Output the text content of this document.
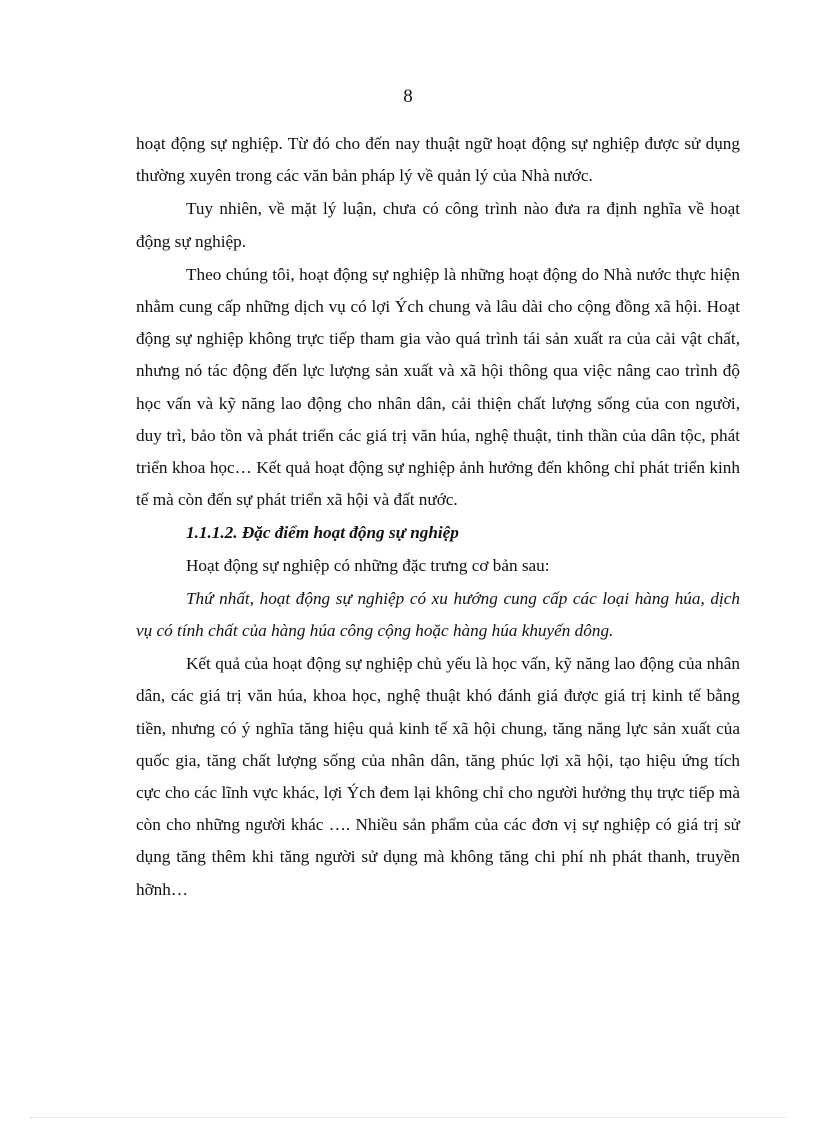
8

hoạt động sự nghiệp. Từ đó cho đến nay thuật ngữ hoạt động sự nghiệp được sử dụng thường xuyên trong các văn bản pháp lý về quản lý của Nhà nước.

Tuy nhiên, về mặt lý luận, chưa có công trình nào đưa ra định nghĩa về hoạt động sự nghiệp.

Theo chúng tôi, hoạt động sự nghiệp là những hoạt động do Nhà nước thực hiện nhằm cung cấp những dịch vụ có lợi Ých chung và lâu dài cho cộng đồng xã hội. Hoạt động sự nghiệp không trực tiếp tham gia vào quá trình tái sản xuất ra của cải vật chất, nhưng nó tác động đến lực lượng sản xuất và xã hội thông qua việc nâng cao trình độ học vấn và kỹ năng lao động cho nhân dân, cải thiện chất lượng sống của con người, duy trì, bảo tồn và phát triển các giá trị văn húa, nghệ thuật, tinh thần của dân tộc, phát triển khoa học… Kết quả hoạt động sự nghiệp ảnh hưởng đến không chỉ phát triển kinh tế mà còn đến sự phát triển xã hội và đất nước.

1.1.1.2. Đặc điểm hoạt động sự nghiệp

Hoạt động sự nghiệp có những đặc trưng cơ bản sau:

Thứ nhất, hoạt động sự nghiệp có xu hướng cung cấp các loại hàng húa, dịch vụ có tính chất của hàng húa công cộng hoặc hàng húa khuyến dông.

Kết quả của hoạt động sự nghiệp chủ yếu là học vấn, kỹ năng lao động của nhân dân, các giá trị văn húa, khoa học, nghệ thuật khó đánh giá được giá trị kinh tế bằng tiền, nhưng có ý nghĩa tăng hiệu quả kinh tế xã hội chung, tăng năng lực sản xuất của quốc gia, tăng chất lượng sống của nhân dân, tăng phúc lợi xã hội, tạo hiệu ứng tích cực cho các lĩnh vực khác, lợi Ých đem lại không chỉ cho người hưởng thụ trực tiếp mà còn cho những người khác …. Nhiều sản phẩm của các đơn vị sự nghiệp có giá trị sử dụng tăng thêm khi tăng người sử dụng mà không tăng chi phí nh phát thanh, truyền hỡnh…
